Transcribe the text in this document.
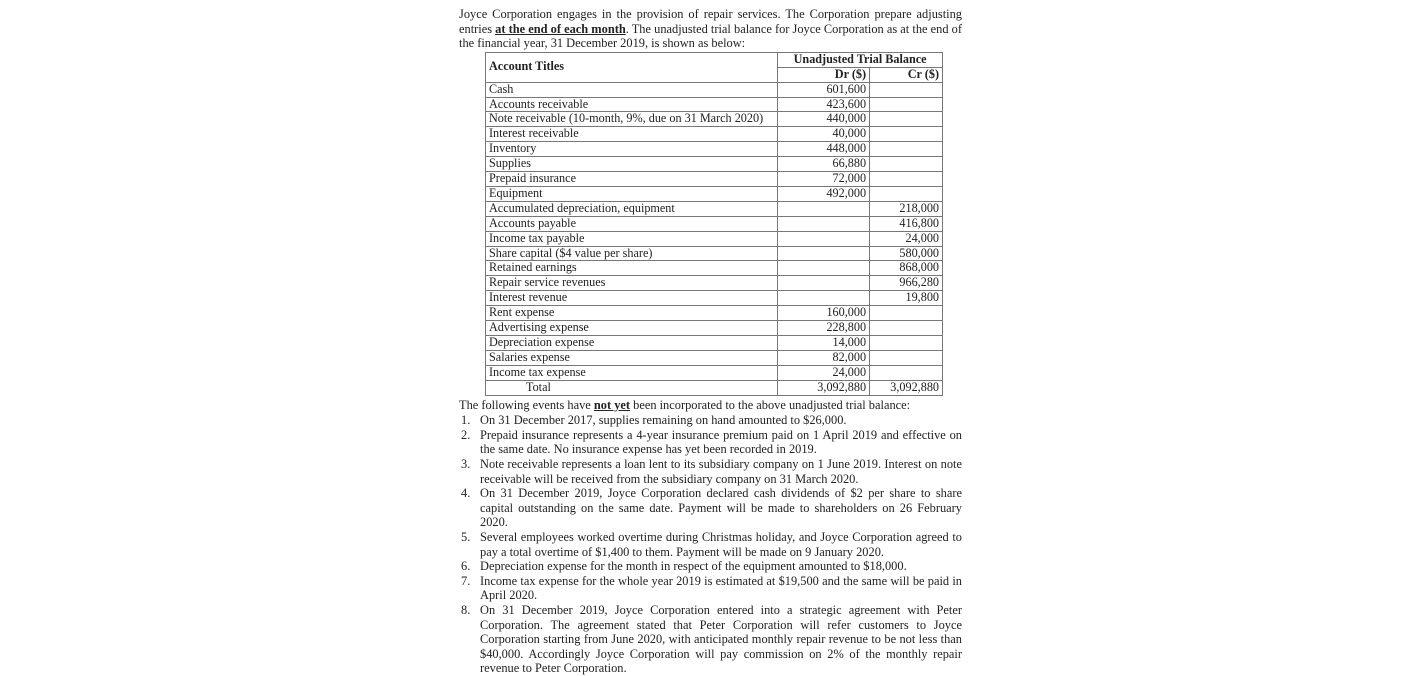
Joyce Corporation engages in the provision of repair services. The Corporation prepare adjusting entries at the end of each month. The unadjusted trial balance for Joyce Corporation as at the end of the financial year, 31 December 2019, is shown as below:

Account Titles	Unadjusted Trial Balance	
	Dr ($)	Cr ($)
Cash	601,600	
Accounts receivable	423,600	
Note receivable (10-month, 9%, due on 31 March 2020)	440,000	
Interest receivable	40,000	
Inventory	448,000	
Supplies	66,880	
Prepaid insurance	72,000	
Equipment	492,000	
Accumulated depreciation, equipment		218,000
Accounts payable		416,800
Income tax payable		24,000
Share capital ($4 value per share)		580,000
Retained earnings		868,000
Repair service revenues		966,280
Interest revenue		19,800
Rent expense	160,000	
Advertising expense	228,800	
Depreciation expense	14,000	
Salaries expense	82,000	
Income tax expense	24,000	
Total	3,092,880	3,092,880

The following events have not yet been incorporated to the above unadjusted trial balance:

1. On 31 December 2017, supplies remaining on hand amounted to $26,000.
2. Prepaid insurance represents a 4-year insurance premium paid on 1 April 2019 and effective on the same date. No insurance expense has yet been recorded in 2019.
3. Note receivable represents a loan lent to its subsidiary company on 1 June 2019. Interest on note receivable will be received from the subsidiary company on 31 March 2020.
4. On 31 December 2019, Joyce Corporation declared cash dividends of $2 per share to share capital outstanding on the same date. Payment will be made to shareholders on 26 February 2020.
5. Several employees worked overtime during Christmas holiday, and Joyce Corporation agreed to pay a total overtime of $1,400 to them. Payment will be made on 9 January 2020.
6. Depreciation expense for the month in respect of the equipment amounted to $18,000.
7. Income tax expense for the whole year 2019 is estimated at $19,500 and the same will be paid in April 2020.
8. On 31 December 2019, Joyce Corporation entered into a strategic agreement with Peter Corporation. The agreement stated that Peter Corporation will refer customers to Joyce Corporation starting from June 2020, with anticipated monthly repair revenue to be not less than $40,000. Accordingly Joyce Corporation will pay commission on 2% of the monthly repair revenue to Peter Corporation.
